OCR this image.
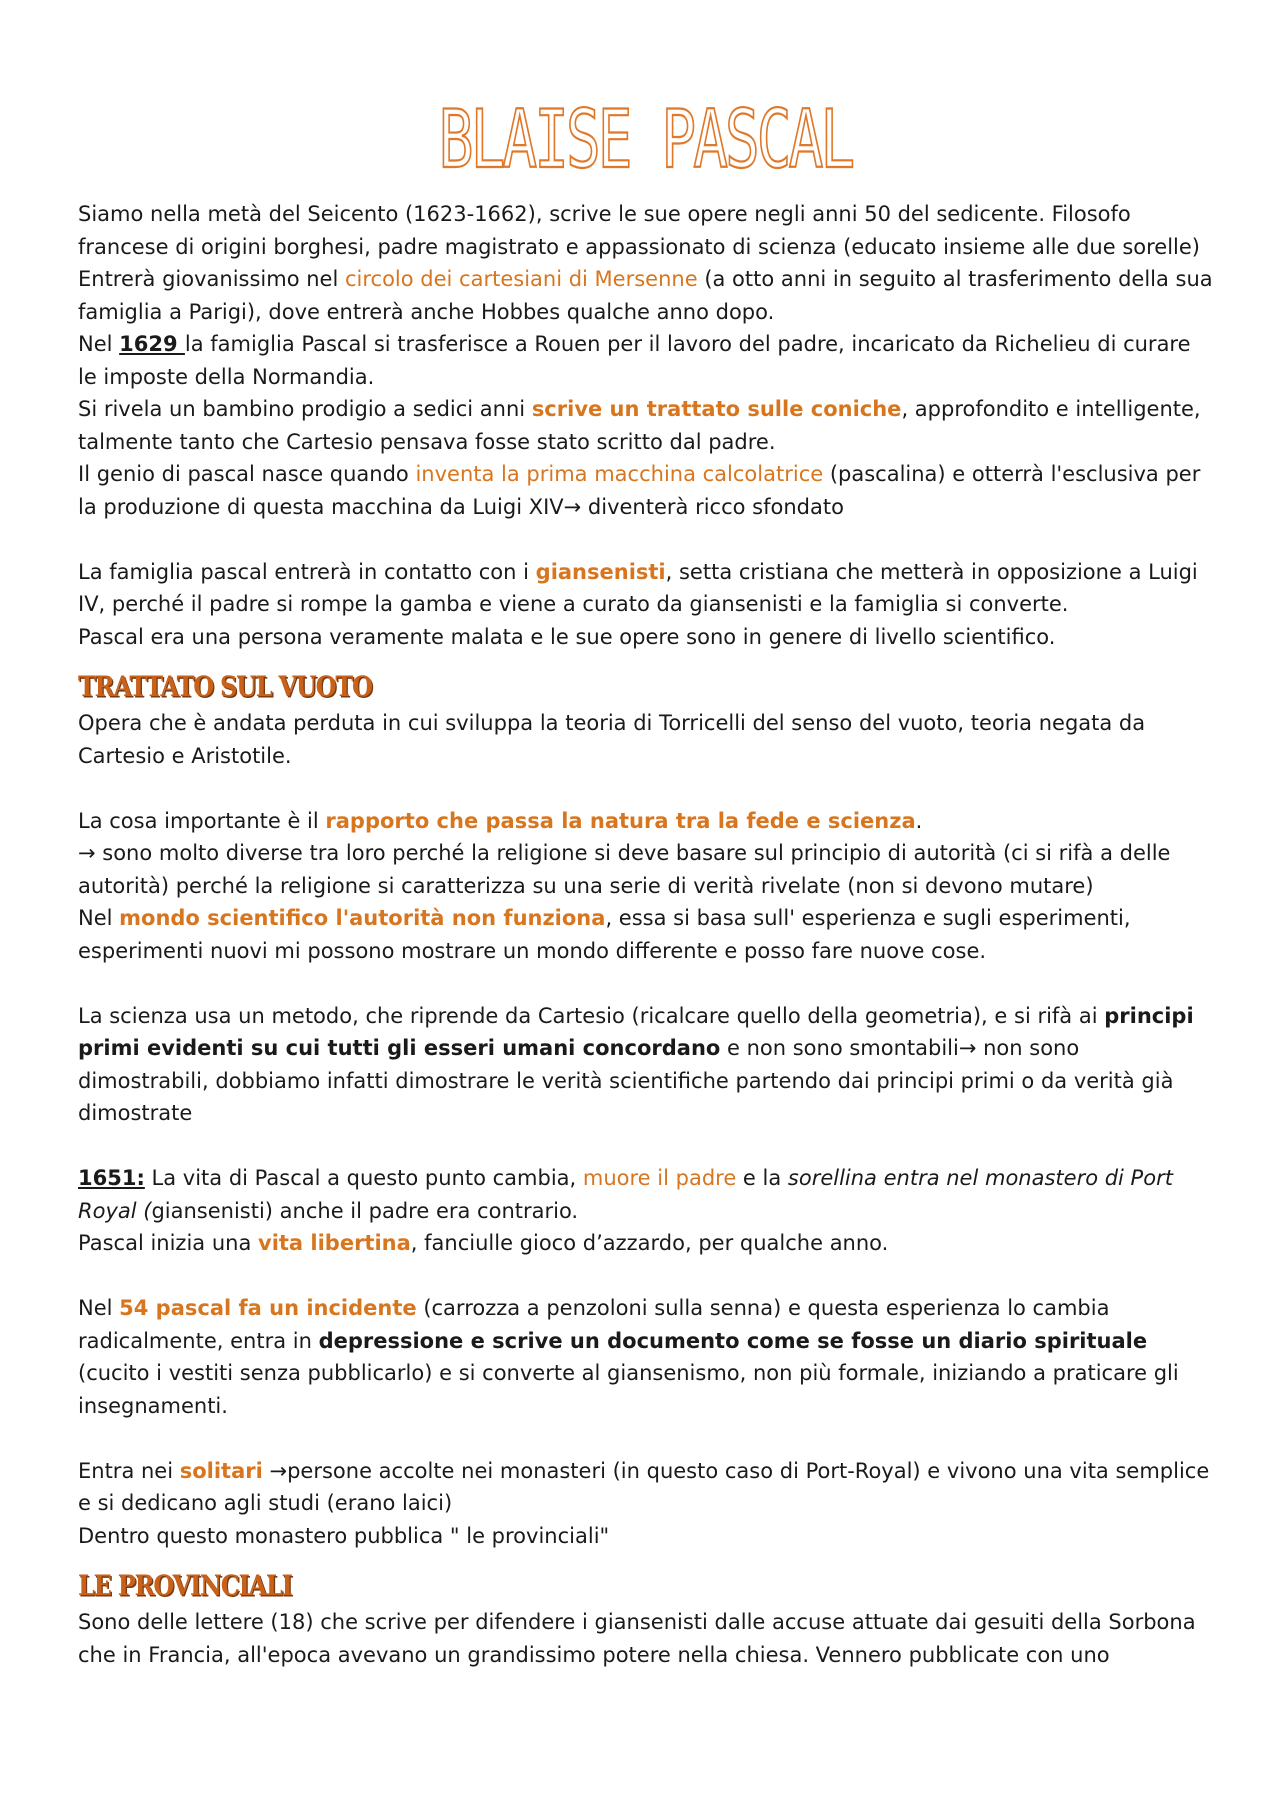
BLAISE PASCAL

Siamo nella metà del Seicento (1623-1662), scrive le sue opere negli anni 50 del sedicente. Filosofo francese di origini borghesi, padre magistrato e appassionato di scienza (educato insieme alle due sorelle)

Entrerà giovanissimo nel circolo dei cartesiani di Mersenne (a otto anni in seguito al trasferimento della sua famiglia a Parigi), dove entrerà anche Hobbes qualche anno dopo.

Nel 1629 la famiglia Pascal si trasferisce a Rouen per il lavoro del padre, incaricato da Richelieu di curare le imposte della Normandia.

Si rivela un bambino prodigio a sedici anni scrive un trattato sulle coniche, approfondito e intelligente, talmente tanto che Cartesio pensava fosse stato scritto dal padre.

Il genio di pascal nasce quando inventa la prima macchina calcolatrice (pascalina) e otterrà l'esclusiva per la produzione di questa macchina da Luigi XIV→ diventerà ricco sfondato

La famiglia pascal entrerà in contatto con i giansenisti, setta cristiana che metterà in opposizione a Luigi IV, perché il padre si rompe la gamba e viene a curato da giansenisti e la famiglia si converte.

Pascal era una persona veramente malata e le sue opere sono in genere di livello scientifico.

TRATTATO SUL VUOTO

Opera che è andata perduta in cui sviluppa la teoria di Torricelli del senso del vuoto, teoria negata da Cartesio e Aristotile.

La cosa importante è il rapporto che passa la natura tra la fede e scienza.

→ sono molto diverse tra loro perché la religione si deve basare sul principio di autorità (ci si rifà a delle autorità) perché la religione si caratterizza su una serie di verità rivelate (non si devono mutare)

Nel mondo scientifico l'autorità non funziona, essa si basa sull' esperienza e sugli esperimenti, esperimenti nuovi mi possono mostrare un mondo differente e posso fare nuove cose.

La scienza usa un metodo, che riprende da Cartesio (ricalcare quello della geometria), e si rifà ai principi primi evidenti su cui tutti gli esseri umani concordano e non sono smontabili→ non sono dimostrabili, dobbiamo infatti dimostrare le verità scientifiche partendo dai principi primi o da verità già dimostrate

1651: La vita di Pascal a questo punto cambia, muore il padre e la sorellina entra nel monastero di Port Royal (giansenisti) anche il padre era contrario.

Pascal inizia una vita libertina, fanciulle gioco d’azzardo, per qualche anno.

Nel 54 pascal fa un incidente (carrozza a penzoloni sulla senna) e questa esperienza lo cambia radicalmente, entra in depressione e scrive un documento come se fosse un diario spirituale (cucito i vestiti senza pubblicarlo) e si converte al giansenismo, non più formale, iniziando a praticare gli insegnamenti.

Entra nei solitari →persone accolte nei monasteri (in questo caso di Port-Royal) e vivono una vita semplice e si dedicano agli studi (erano laici)

Dentro questo monastero pubblica " le provinciali"

LE PROVINCIALI

Sono delle lettere (18) che scrive per difendere i giansenisti dalle accuse attuate dai gesuiti della Sorbona che in Francia, all'epoca avevano un grandissimo potere nella chiesa. Vennero pubblicate con uno
